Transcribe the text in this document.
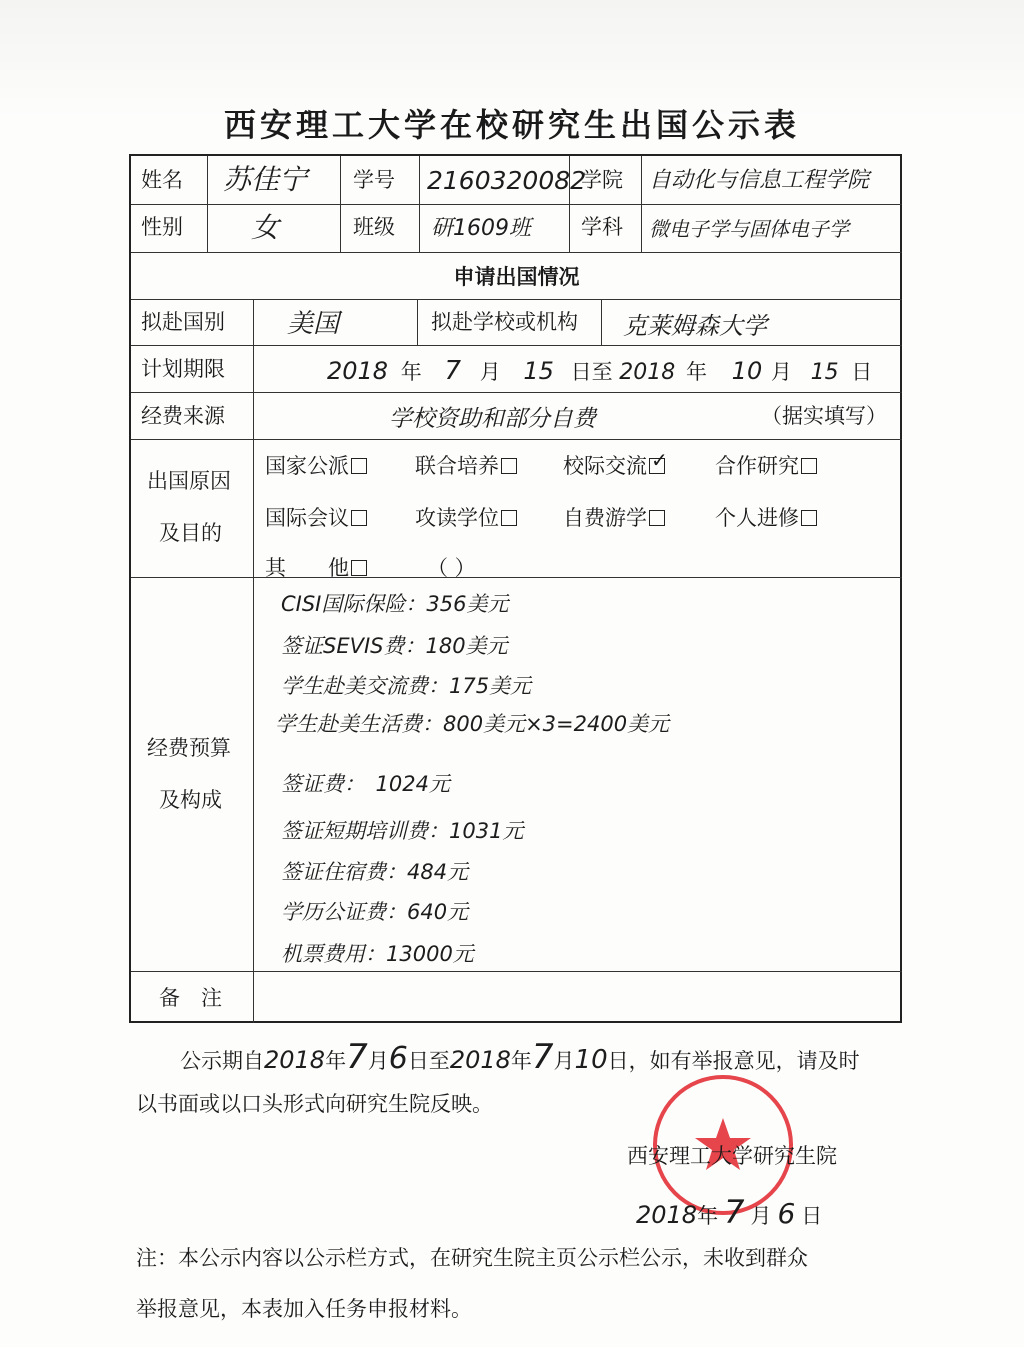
西安理工大学在校研究生出国公示表
姓名 苏佳宁 学号 2160320082
学院 自动化与信息工程学院
性别 女	班级 研1609班 学科 微电子学与固体电子学
申请出国情况
拟赴国别 美国	拟赴学校或机构 克莱姆森大学
计划期限	2018 年 7 月 15 日至 2018 年 10 月 15 日
经费来源	学校资助和部分自费	（据实填写）
出国原因
及目的
国家公派	联合培养	校际交流✓	合作研究
国际会议	攻读学位	自费游学	个人进修
其　　他	（ ）
经费预算
及构成
CISI国际保险：356美元
签证SEVIS费：180美元
学生赴美交流费：175美元
学生赴美生活费：800美元×3=2400美元
签证费：　1024元
签证短期培训费：1031元
签证住宿费：484元
学历公证费：640元
机票费用：13000元
备　注
公示期自2018年7月6日至2018年7月10日，如有举报意见，请及时
以书面或以口头形式向研究生院反映。
西安理工大学研究生院
2018年 7 月 6 日
注：本公示内容以公示栏方式，在研究生院主页公示栏公示，未收到群众
举报意见，本表加入任务申报材料。
